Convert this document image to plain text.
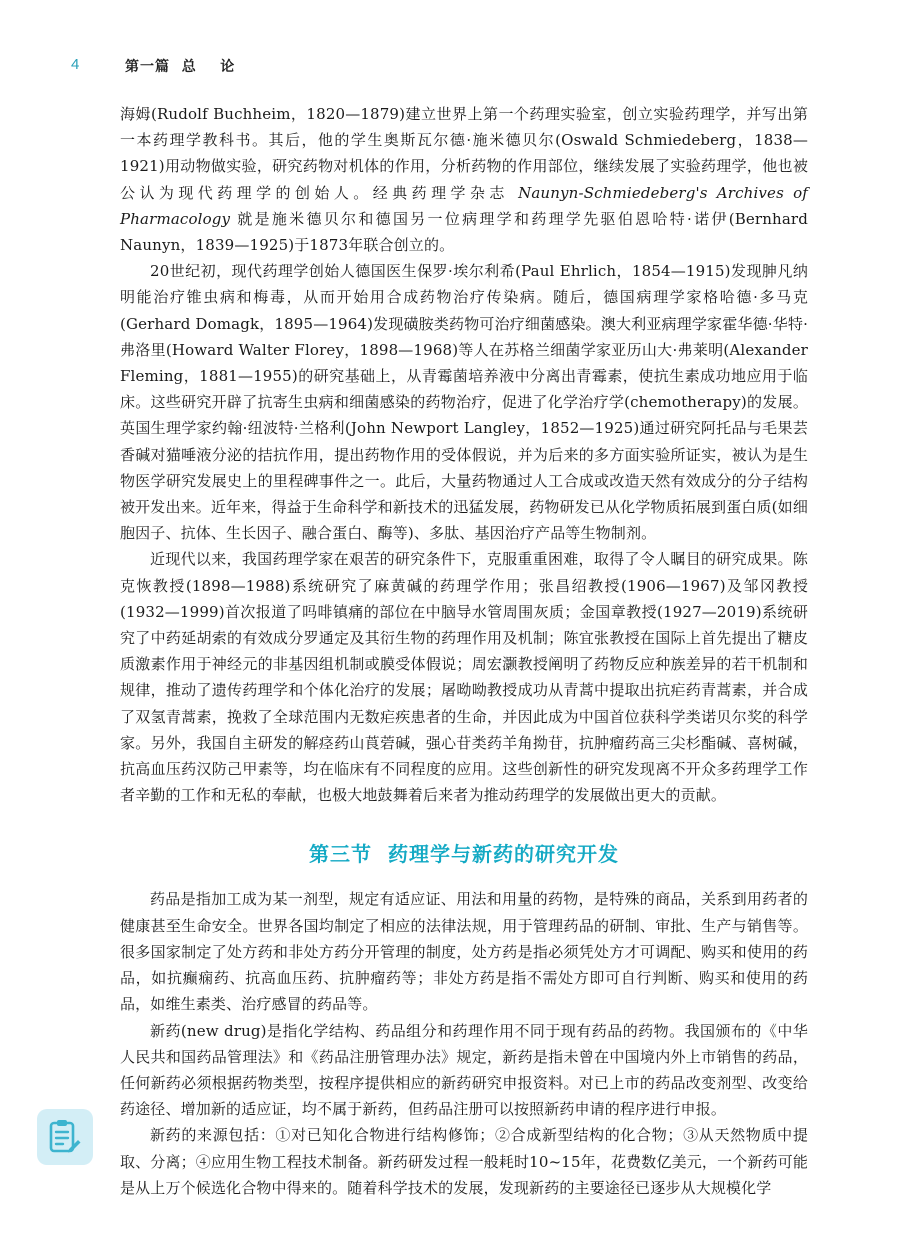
4	第一篇  总    论

海姆(Rudolf Buchheim，1820—1879)建立世界上第一个药理实验室，创立实验药理学，并写出第一本药理学教科书。其后，他的学生奥斯瓦尔德·施米德贝尔(Oswald Schmiedeberg，1838—1921)用动物做实验，研究药物对机体的作用，分析药物的作用部位，继续发展了实验药理学，他也被公认为现代药理学的创始人。经典药理学杂志 Naunyn-Schmiedeberg's Archives of Pharmacology 就是施米德贝尔和德国另一位病理学和药理学先驱伯恩哈特·诺伊(Bernhard Naunyn，1839—1925)于1873年联合创立的。

20世纪初，现代药理学创始人德国医生保罗·埃尔利希(Paul Ehrlich，1854—1915)发现胂凡纳明能治疗锥虫病和梅毒，从而开始用合成药物治疗传染病。随后，德国病理学家格哈德·多马克(Gerhard Domagk，1895—1964)发现磺胺类药物可治疗细菌感染。澳大利亚病理学家霍华德·华特·弗洛里(Howard Walter Florey，1898—1968)等人在苏格兰细菌学家亚历山大·弗莱明(Alexander Fleming，1881—1955)的研究基础上，从青霉菌培养液中分离出青霉素，使抗生素成功地应用于临床。这些研究开辟了抗寄生虫病和细菌感染的药物治疗，促进了化学治疗学(chemotherapy)的发展。英国生理学家约翰·纽波特·兰格利(John Newport Langley，1852—1925)通过研究阿托品与毛果芸香碱对猫唾液分泌的拮抗作用，提出药物作用的受体假说，并为后来的多方面实验所证实，被认为是生物医学研究发展史上的里程碑事件之一。此后，大量药物通过人工合成或改造天然有效成分的分子结构被开发出来。近年来，得益于生命科学和新技术的迅猛发展，药物研发已从化学物质拓展到蛋白质(如细胞因子、抗体、生长因子、融合蛋白、酶等)、多肽、基因治疗产品等生物制剂。

近现代以来，我国药理学家在艰苦的研究条件下，克服重重困难，取得了令人瞩目的研究成果。陈克恢教授(1898—1988)系统研究了麻黄碱的药理学作用；张昌绍教授(1906—1967)及邹冈教授(1932—1999)首次报道了吗啡镇痛的部位在中脑导水管周围灰质；金国章教授(1927—2019)系统研究了中药延胡索的有效成分罗通定及其衍生物的药理作用及机制；陈宜张教授在国际上首先提出了糖皮质激素作用于神经元的非基因组机制或膜受体假说；周宏灏教授阐明了药物反应种族差异的若干机制和规律，推动了遗传药理学和个体化治疗的发展；屠呦呦教授成功从青蒿中提取出抗疟药青蒿素，并合成了双氢青蒿素，挽救了全球范围内无数疟疾患者的生命，并因此成为中国首位获科学类诺贝尔奖的科学家。另外，我国自主研发的解痉药山莨菪碱，强心苷类药羊角拗苷，抗肿瘤药高三尖杉酯碱、喜树碱，抗高血压药汉防己甲素等，均在临床有不同程度的应用。这些创新性的研究发现离不开众多药理学工作者辛勤的工作和无私的奉献，也极大地鼓舞着后来者为推动药理学的发展做出更大的贡献。

第三节  药理学与新药的研究开发

药品是指加工成为某一剂型，规定有适应证、用法和用量的药物，是特殊的商品，关系到用药者的健康甚至生命安全。世界各国均制定了相应的法律法规，用于管理药品的研制、审批、生产与销售等。很多国家制定了处方药和非处方药分开管理的制度，处方药是指必须凭处方才可调配、购买和使用的药品，如抗癫痫药、抗高血压药、抗肿瘤药等；非处方药是指不需处方即可自行判断、购买和使用的药品，如维生素类、治疗感冒的药品等。

新药(new drug)是指化学结构、药品组分和药理作用不同于现有药品的药物。我国颁布的《中华人民共和国药品管理法》和《药品注册管理办法》规定，新药是指未曾在中国境内外上市销售的药品，任何新药必须根据药物类型，按程序提供相应的新药研究申报资料。对已上市的药品改变剂型、改变给药途径、增加新的适应证，均不属于新药，但药品注册可以按照新药申请的程序进行申报。

新药的来源包括：①对已知化合物进行结构修饰；②合成新型结构的化合物；③从天然物质中提取、分离；④应用生物工程技术制备。新药研发过程一般耗时10~15年，花费数亿美元，一个新药可能是从上万个候选化合物中得来的。随着科学技术的发展，发现新药的主要途径已逐步从大规模化学
